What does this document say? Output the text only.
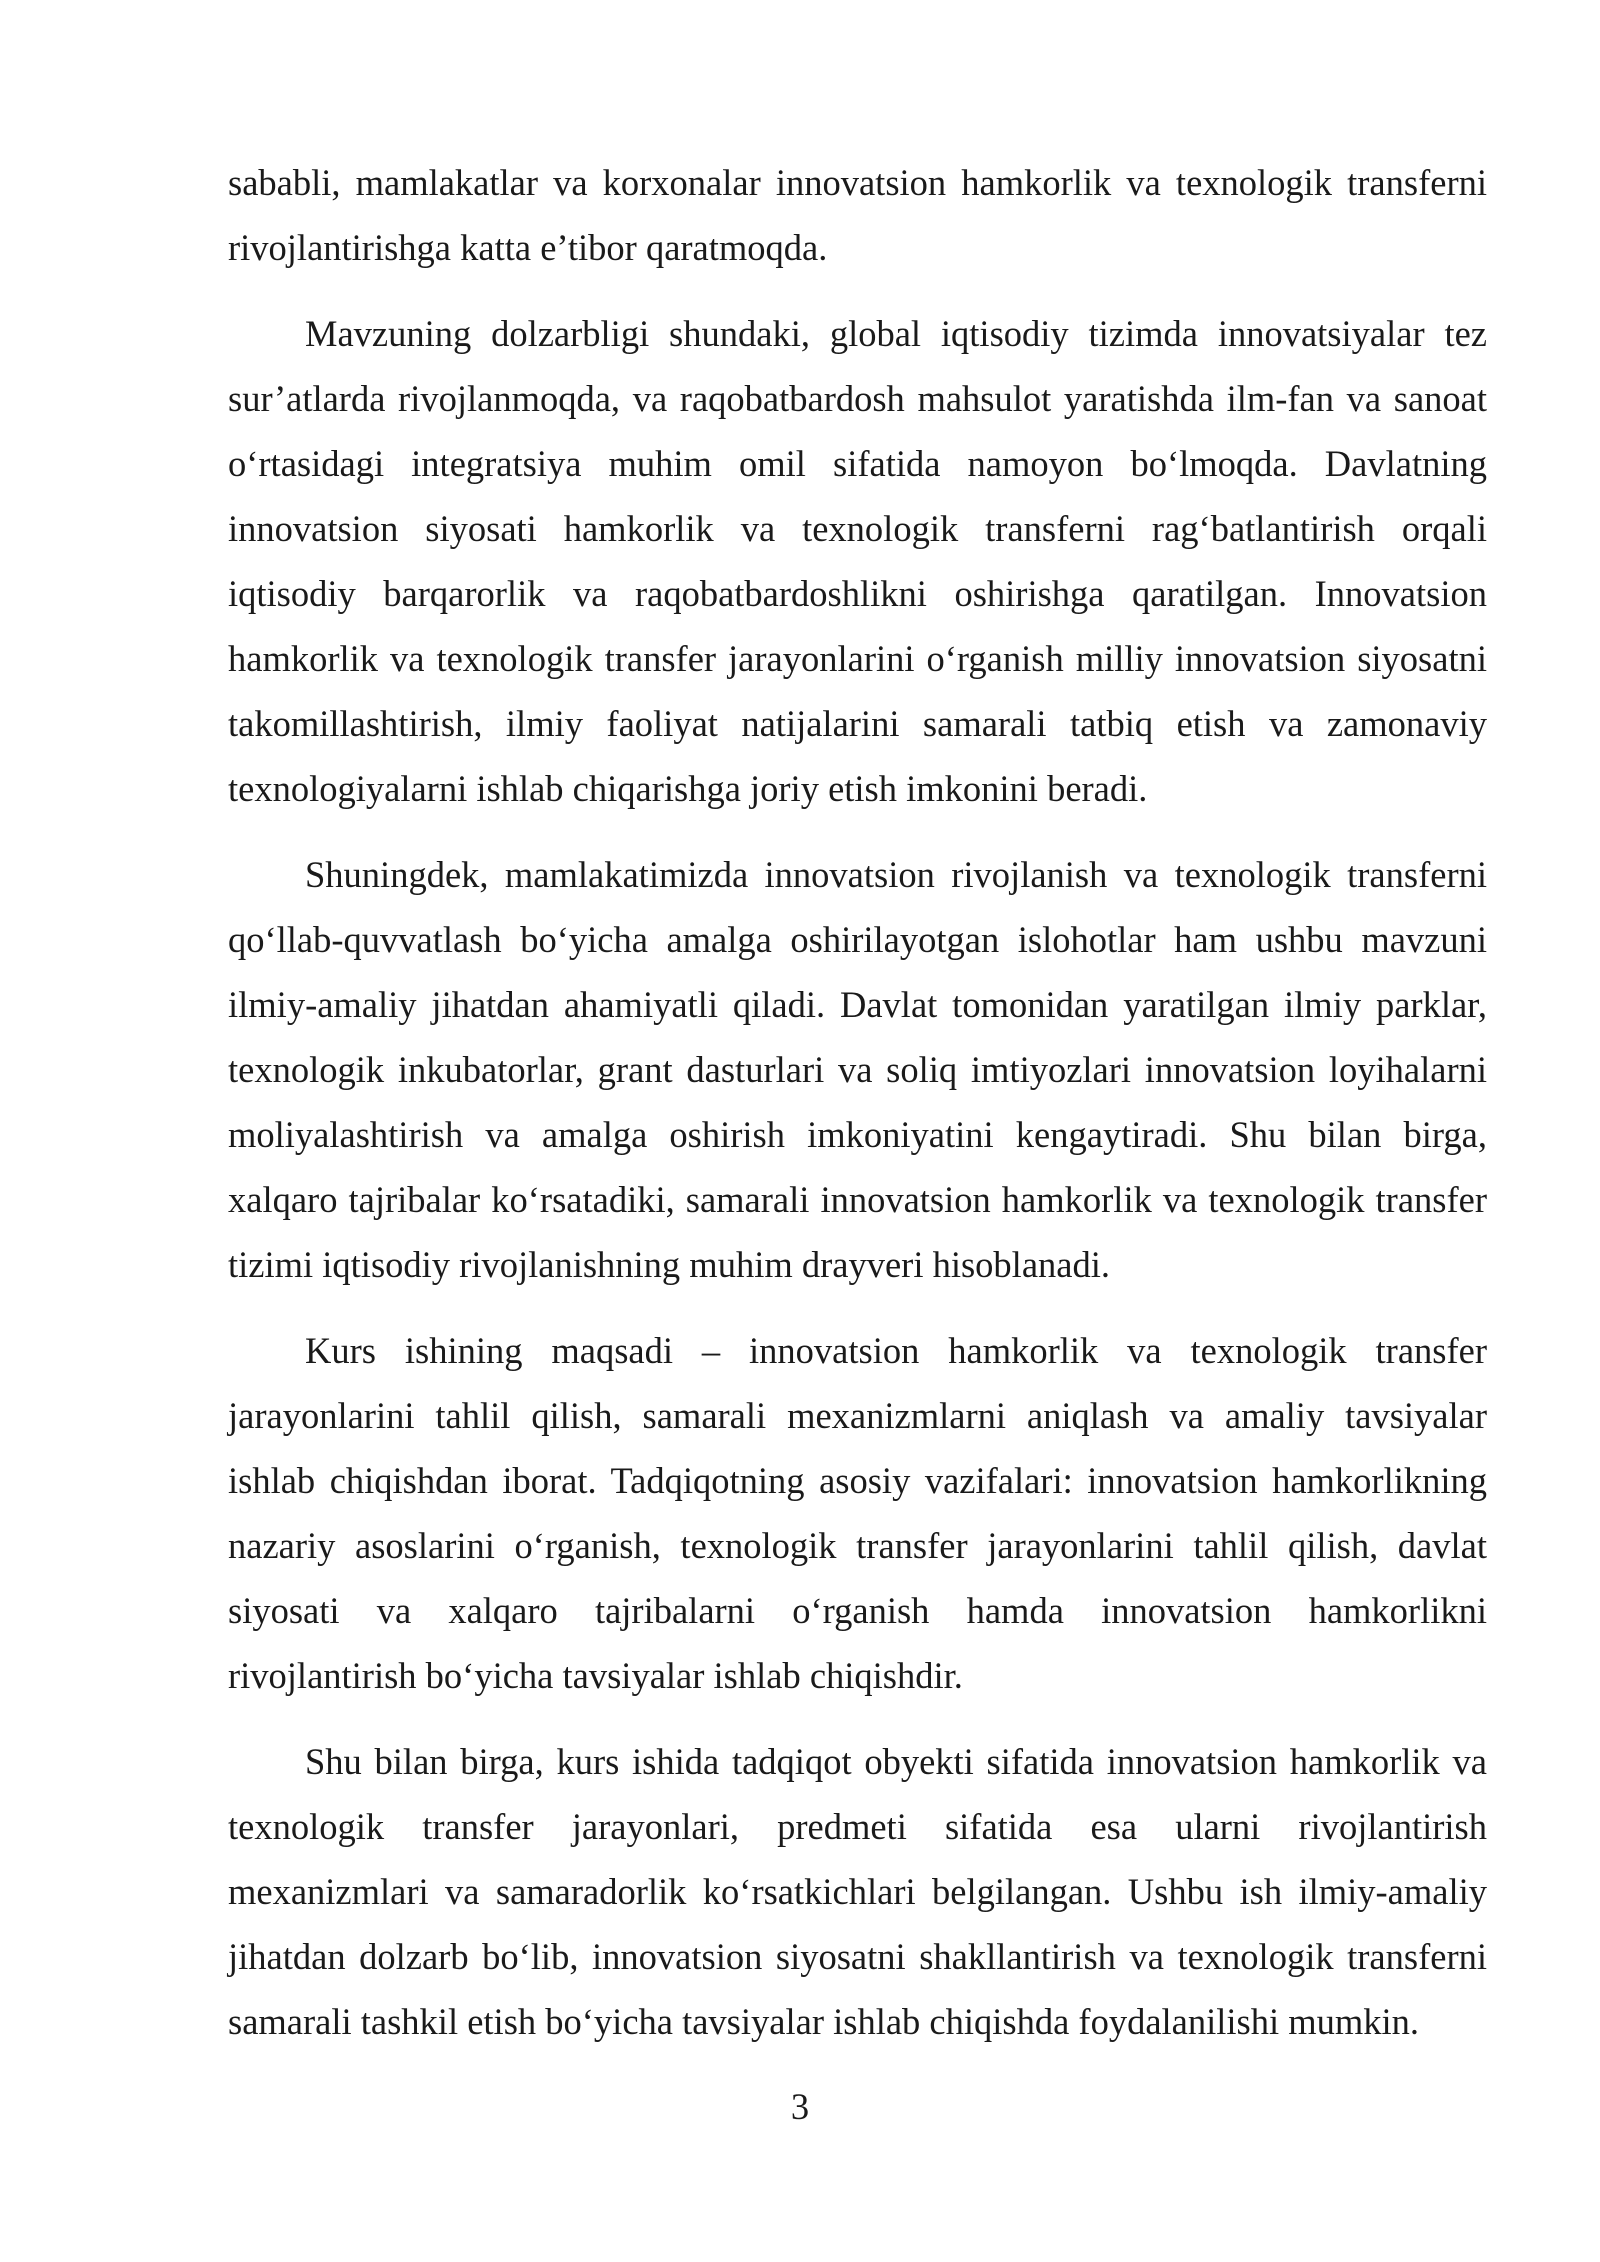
sababli, mamlakatlar va korxonalar innovatsion hamkorlik va texnologik transferni rivojlantirishga katta e’tibor qaratmoqda.

Mavzuning dolzarbligi shundaki, global iqtisodiy tizimda innovatsiyalar tez sur’atlarda rivojlanmoqda, va raqobatbardosh mahsulot yaratishda ilm-fan va sanoat o‘rtasidagi integratsiya muhim omil sifatida namoyon bo‘lmoqda. Davlatning innovatsion siyosati hamkorlik va texnologik transferni rag‘batlantirish orqali iqtisodiy barqarorlik va raqobatbardoshlikni oshirishga qaratilgan. Innovatsion hamkorlik va texnologik transfer jarayonlarini o‘rganish milliy innovatsion siyosatni takomillashtirish, ilmiy faoliyat natijalarini samarali tatbiq etish va zamonaviy texnologiyalarni ishlab chiqarishga joriy etish imkonini beradi.

Shuningdek, mamlakatimizda innovatsion rivojlanish va texnologik transferni qo‘llab-quvvatlash bo‘yicha amalga oshirilayotgan islohotlar ham ushbu mavzuni ilmiy-amaliy jihatdan ahamiyatli qiladi. Davlat tomonidan yaratilgan ilmiy parklar, texnologik inkubatorlar, grant dasturlari va soliq imtiyozlari innovatsion loyihalarni moliyalashtirish va amalga oshirish imkoniyatini kengaytiradi. Shu bilan birga, xalqaro tajribalar ko‘rsatadiki, samarali innovatsion hamkorlik va texnologik transfer tizimi iqtisodiy rivojlanishning muhim drayveri hisoblanadi.

Kurs ishining maqsadi – innovatsion hamkorlik va texnologik transfer jarayonlarini tahlil qilish, samarali mexanizmlarni aniqlash va amaliy tavsiyalar ishlab chiqishdan iborat. Tadqiqotning asosiy vazifalari: innovatsion hamkorlikning nazariy asoslarini o‘rganish, texnologik transfer jarayonlarini tahlil qilish, davlat siyosati va xalqaro tajribalarni o‘rganish hamda innovatsion hamkorlikni rivojlantirish bo‘yicha tavsiyalar ishlab chiqishdir.

Shu bilan birga, kurs ishida tadqiqot obyekti sifatida innovatsion hamkorlik va texnologik transfer jarayonlari, predmeti sifatida esa ularni rivojlantirish mexanizmlari va samaradorlik ko‘rsatkichlari belgilangan. Ushbu ish ilmiy-amaliy jihatdan dolzarb bo‘lib, innovatsion siyosatni shakllantirish va texnologik transferni samarali tashkil etish bo‘yicha tavsiyalar ishlab chiqishda foydalanilishi mumkin.

3
